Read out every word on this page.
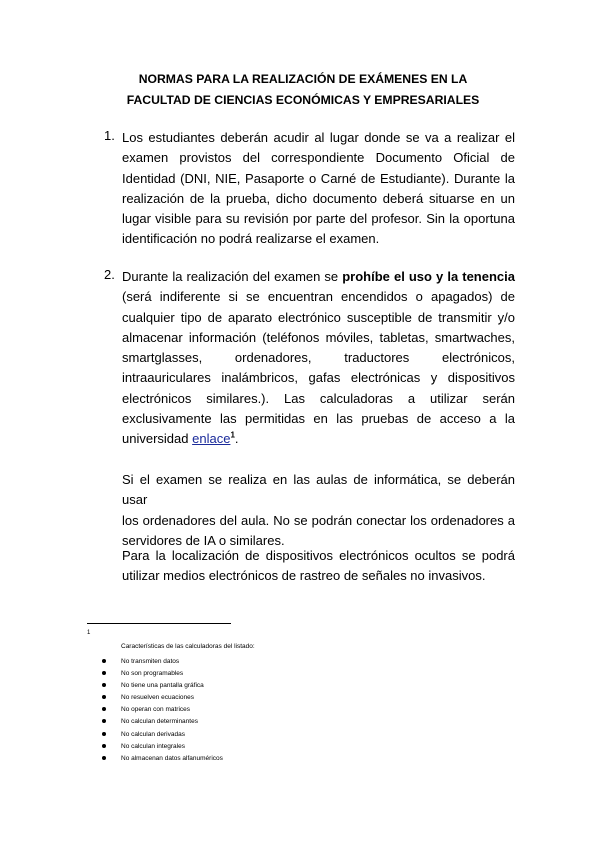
NORMAS PARA LA REALIZACIÓN DE EXÁMENES EN LA
FACULTAD DE CIENCIAS ECONÓMICAS Y EMPRESARIALES
1. Los estudiantes deberán acudir al lugar donde se va a realizar el
examen provistos del correspondiente Documento Oficial de
Identidad (DNI, NIE, Pasaporte o Carné de Estudiante). Durante la
realización de la prueba, dicho documento deberá situarse en un
lugar visible para su revisión por parte del profesor. Sin la oportuna
identificación no podrá realizarse el examen.
2. Durante la realización del examen se prohíbe el uso y la tenencia
(será indiferente si se encuentran encendidos o apagados) de
cualquier tipo de aparato electrónico susceptible de transmitir y/o
almacenar información (teléfonos móviles, tabletas, smartwaches,
smartglasses, ordenadores, traductores electrónicos,
intraauriculares inalámbricos, gafas electrónicas y dispositivos
electrónicos similares.). Las calculadoras a utilizar serán
exclusivamente las permitidas en las pruebas de acceso a la
universidad enlace$^1$.
Si el examen se realiza en las aulas de informática, se deberán usar
los ordenadores del aula. No se podrán conectar los ordenadores a
servidores de IA o similares.
Para la localización de dispositivos electrónicos ocultos se podrá
utilizar medios electrónicos de rastreo de señales no invasivos.
1
Características de las calculadoras del listado:
No transmiten datos
No son programables
No tiene una pantalla gráfica
No resuelven ecuaciones
No operan con matrices
No calculan determinantes
No calculan derivadas
No calculan integrales
No almacenan datos alfanuméricos
